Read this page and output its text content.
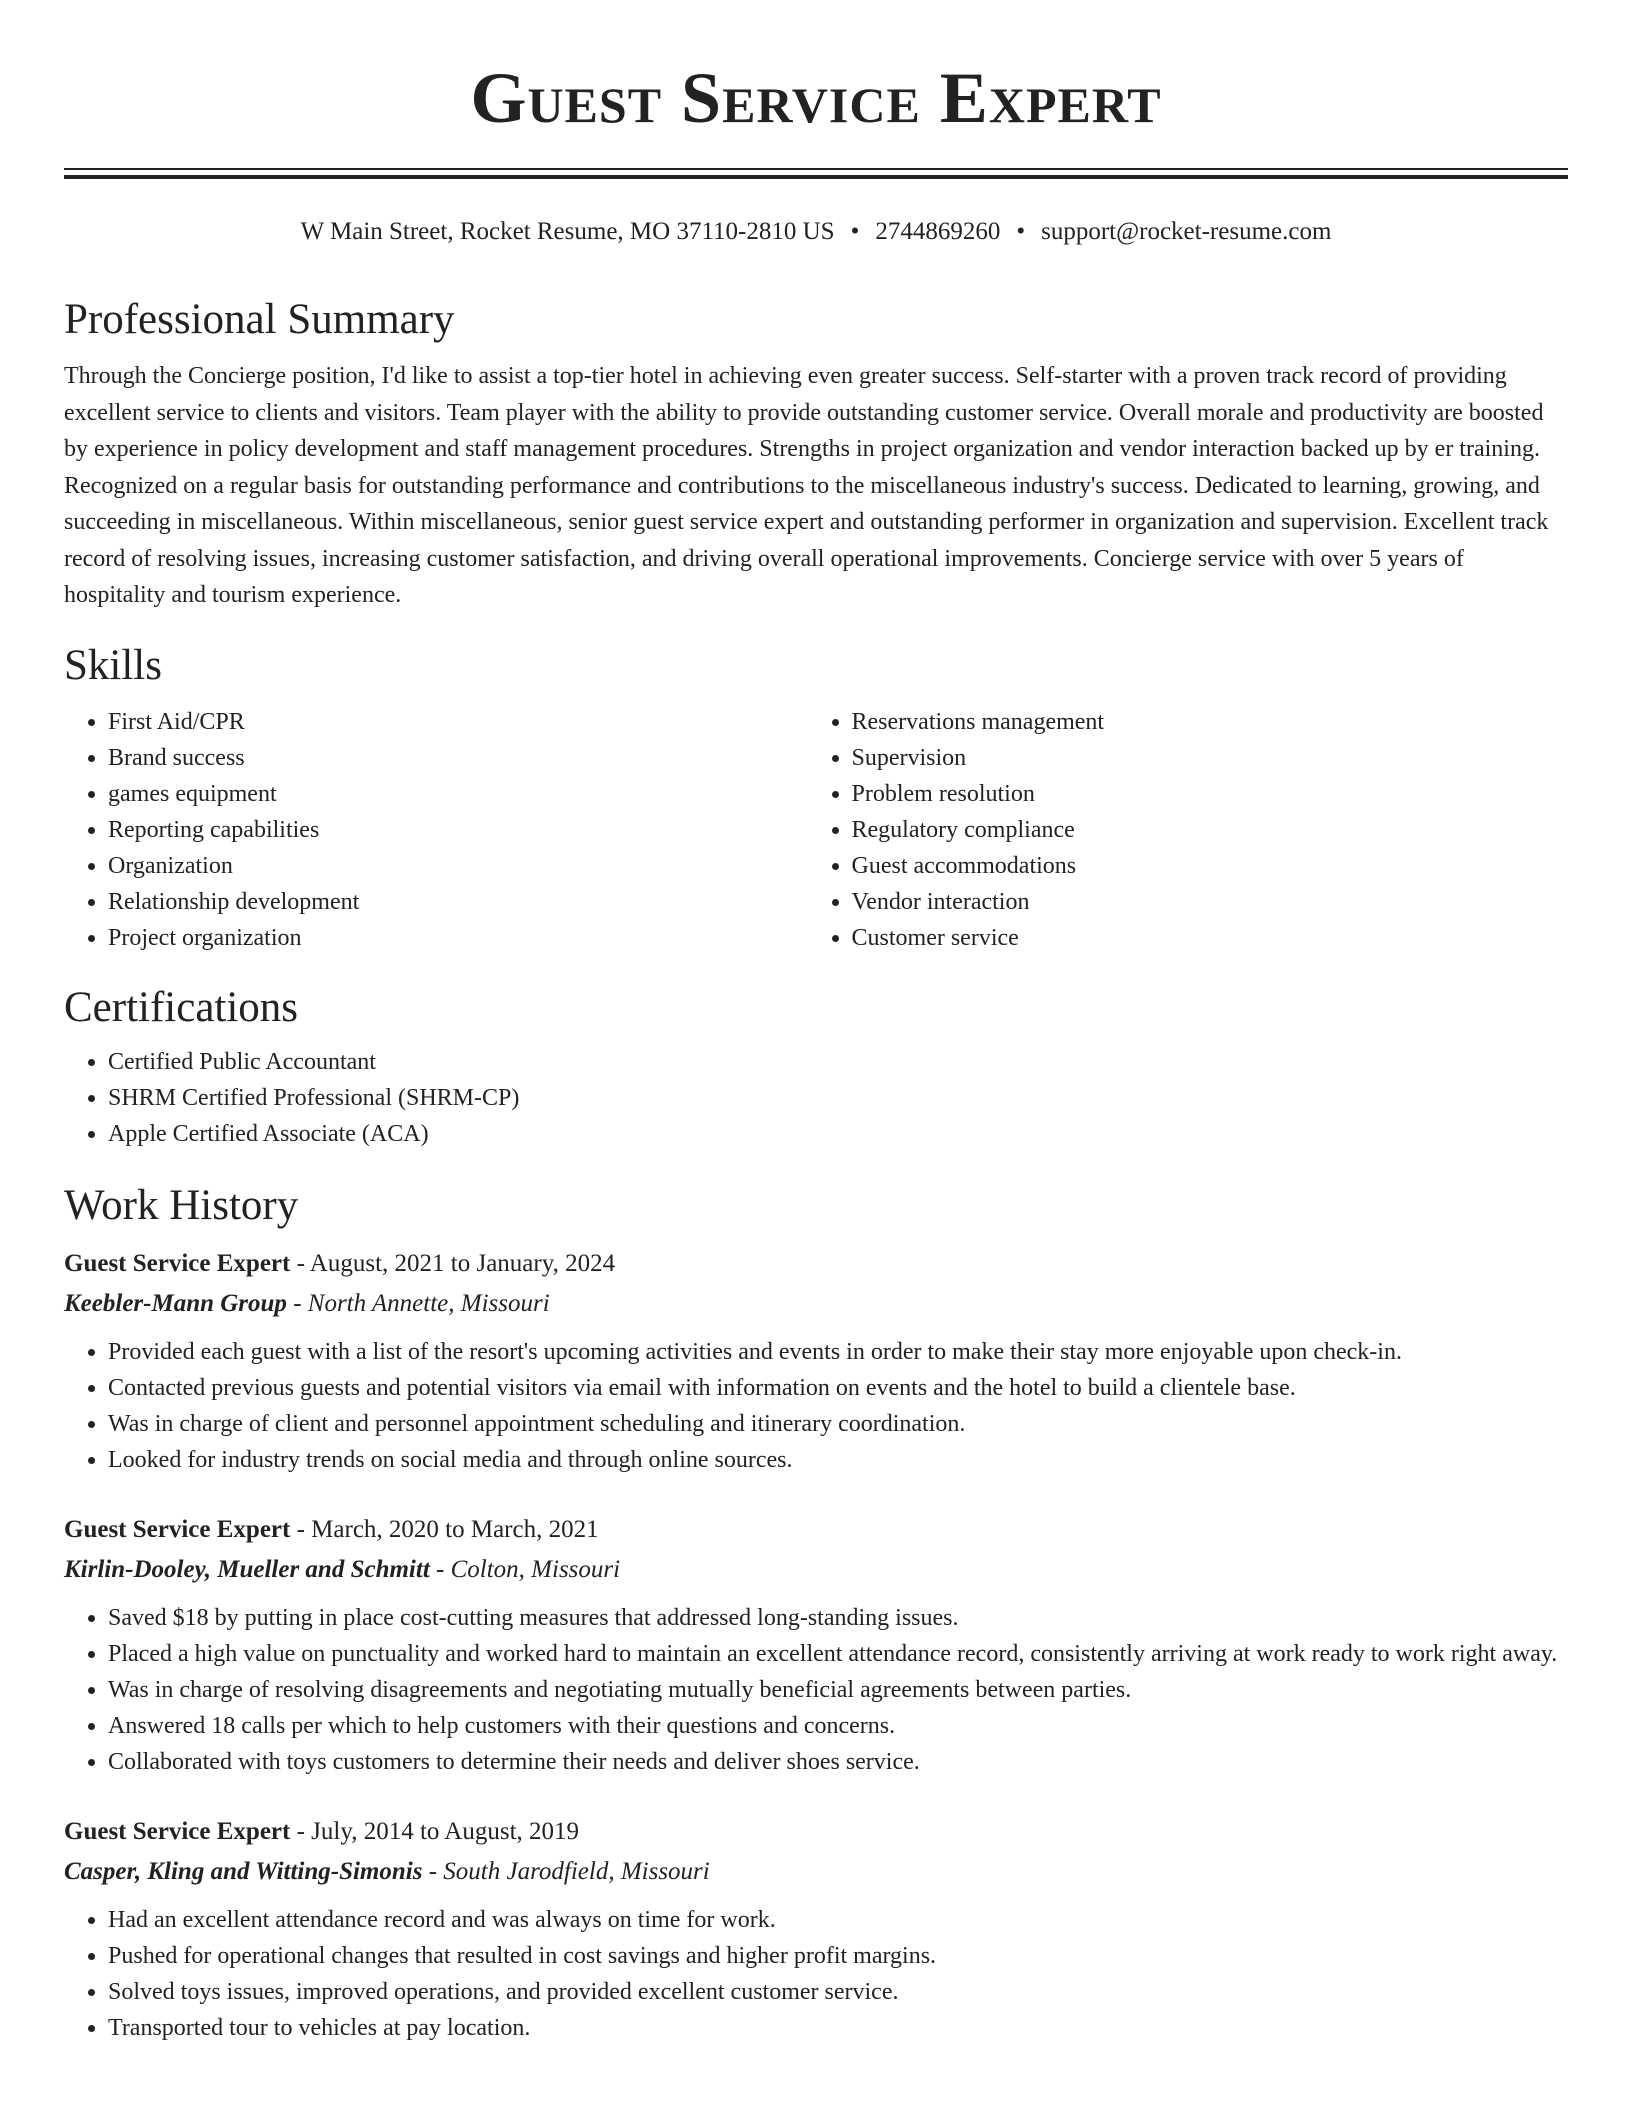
Guest Service Expert
W Main Street, Rocket Resume, MO 37110-2810 US • 2744869260 • support@rocket-resume.com
Professional Summary

Through the Concierge position, I'd like to assist a top-tier hotel in achieving even greater success. Self-starter with a proven track record of providing excellent service to clients and visitors. Team player with the ability to provide outstanding customer service. Overall morale and productivity are boosted by experience in policy development and staff management procedures. Strengths in project organization and vendor interaction backed up by er training. Recognized on a regular basis for outstanding performance and contributions to the miscellaneous industry's success. Dedicated to learning, growing, and succeeding in miscellaneous. Within miscellaneous, senior guest service expert and outstanding performer in organization and supervision. Excellent track record of resolving issues, increasing customer satisfaction, and driving overall operational improvements. Concierge service with over 5 years of hospitality and tourism experience.

Skills
• First Aid/CPR
• Brand success
• games equipment
• Reporting capabilities
• Organization
• Relationship development
• Project organization
• Reservations management
• Supervision
• Problem resolution
• Regulatory compliance
• Guest accommodations
• Vendor interaction
• Customer service
Certifications
• Certified Public Accountant
• SHRM Certified Professional (SHRM-CP)
• Apple Certified Associate (ACA)
Work History

Guest Service Expert - August, 2021 to January, 2024

Keebler-Mann Group - North Annette, Missouri

• Provided each guest with a list of the resort's upcoming activities and events in order to make their stay more enjoyable upon check-in.
• Contacted previous guests and potential visitors via email with information on events and the hotel to build a clientele base.
• Was in charge of client and personnel appointment scheduling and itinerary coordination.
• Looked for industry trends on social media and through online sources.

Guest Service Expert - March, 2020 to March, 2021

Kirlin-Dooley, Mueller and Schmitt - Colton, Missouri

• Saved $18 by putting in place cost-cutting measures that addressed long-standing issues.
• Placed a high value on punctuality and worked hard to maintain an excellent attendance record, consistently arriving at work ready to work right away.
• Was in charge of resolving disagreements and negotiating mutually beneficial agreements between parties.
• Answered 18 calls per which to help customers with their questions and concerns.
• Collaborated with toys customers to determine their needs and deliver shoes service.

Guest Service Expert - July, 2014 to August, 2019

Casper, Kling and Witting-Simonis - South Jarodfield, Missouri

• Had an excellent attendance record and was always on time for work.
• Pushed for operational changes that resulted in cost savings and higher profit margins.
• Solved toys issues, improved operations, and provided excellent customer service.
• Transported tour to vehicles at pay location.
